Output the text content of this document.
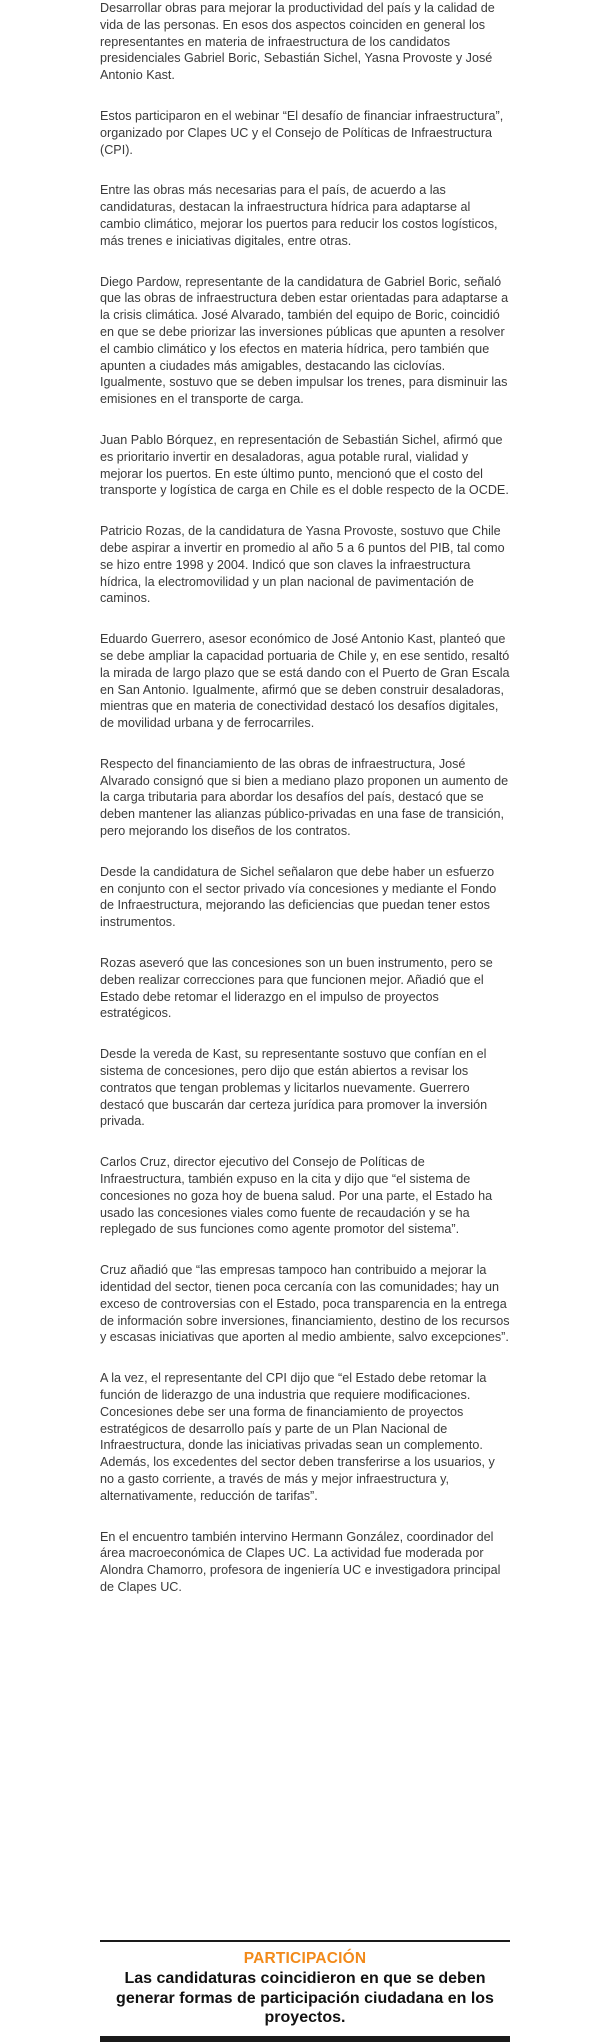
Desarrollar obras para mejorar la productividad del país y la calidad de vida de las personas. En esos dos aspectos coinciden en general los representantes en materia de infraestructura de los candidatos presidenciales Gabriel Boric, Sebastián Sichel, Yasna Provoste y José Antonio Kast.

Estos participaron en el webinar “El desafío de financiar infraestructura”, organizado por Clapes UC y el Consejo de Políticas de Infraestructura (CPI).

Entre las obras más necesarias para el país, de acuerdo a las candidaturas, destacan la infraestructura hídrica para adaptarse al cambio climático, mejorar los puertos para reducir los costos logísticos, más trenes e iniciativas digitales, entre otras.

Diego Pardow, representante de la candidatura de Gabriel Boric, señaló que las obras de infraestructura deben estar orientadas para adaptarse a la crisis climática. José Alvarado, también del equipo de Boric, coincidió en que se debe priorizar las inversiones públicas que apunten a resolver el cambio climático y los efectos en materia hídrica, pero también que apunten a ciudades más amigables, destacando las ciclovías. Igualmente, sostuvo que se deben impulsar los trenes, para disminuir las emisiones en el transporte de carga.

Juan Pablo Bórquez, en representación de Sebastián Sichel, afirmó que es prioritario invertir en desaladoras, agua potable rural, vialidad y mejorar los puertos. En este último punto, mencionó que el costo del transporte y logística de carga en Chile es el doble respecto de la OCDE.

Patricio Rozas, de la candidatura de Yasna Provoste, sostuvo que Chile debe aspirar a invertir en promedio al año 5 a 6 puntos del PIB, tal como se hizo entre 1998 y 2004. Indicó que son claves la infraestructura hídrica, la electromovilidad y un plan nacional de pavimentación de caminos.

Eduardo Guerrero, asesor económico de José Antonio Kast, planteó que se debe ampliar la capacidad portuaria de Chile y, en ese sentido, resaltó la mirada de largo plazo que se está dando con el Puerto de Gran Escala en San Antonio. Igualmente, afirmó que se deben construir desaladoras, mientras que en materia de conectividad destacó los desafíos digitales, de movilidad urbana y de ferrocarriles.

Respecto del financiamiento de las obras de infraestructura, José Alvarado consignó que si bien a mediano plazo proponen un aumento de la carga tributaria para abordar los desafíos del país, destacó que se deben mantener las alianzas público-privadas en una fase de transición, pero mejorando los diseños de los contratos.

Desde la candidatura de Sichel señalaron que debe haber un esfuerzo en conjunto con el sector privado vía concesiones y mediante el Fondo de Infraestructura, mejorando las deficiencias que puedan tener estos instrumentos.

Rozas aseveró que las concesiones son un buen instrumento, pero se deben realizar correcciones para que funcionen mejor. Añadió que el Estado debe retomar el liderazgo en el impulso de proyectos estratégicos.

Desde la vereda de Kast, su representante sostuvo que confían en el sistema de concesiones, pero dijo que están abiertos a revisar los contratos que tengan problemas y licitarlos nuevamente. Guerrero destacó que buscarán dar certeza jurídica para promover la inversión privada.

Carlos Cruz, director ejecutivo del Consejo de Políticas de Infraestructura, también expuso en la cita y dijo que “el sistema de concesiones no goza hoy de buena salud. Por una parte, el Estado ha usado las concesiones viales como fuente de recaudación y se ha replegado de sus funciones como agente promotor del sistema”.

Cruz añadió que “las empresas tampoco han contribuido a mejorar la identidad del sector, tienen poca cercanía con las comunidades; hay un exceso de controversias con el Estado, poca transparencia en la entrega de información sobre inversiones, financiamiento, destino de los recursos y escasas iniciativas que aporten al medio ambiente, salvo excepciones”.

A la vez, el representante del CPI dijo que “el Estado debe retomar la función de liderazgo de una industria que requiere modificaciones. Concesiones debe ser una forma de financiamiento de proyectos estratégicos de desarrollo país y parte de un Plan Nacional de Infraestructura, donde las iniciativas privadas sean un complemento. Además, los excedentes del sector deben transferirse a los usuarios, y no a gasto corriente, a través de más y mejor infraestructura y, alternativamente, reducción de tarifas”.

En el encuentro también intervino Hermann González, coordinador del área macroeconómica de Clapes UC. La actividad fue moderada por Alondra Chamorro, profesora de ingeniería UC e investigadora principal de Clapes UC.

PARTICIPACIÓN
Las candidaturas coincidieron en que se deben generar formas de participación ciudadana en los proyectos.
